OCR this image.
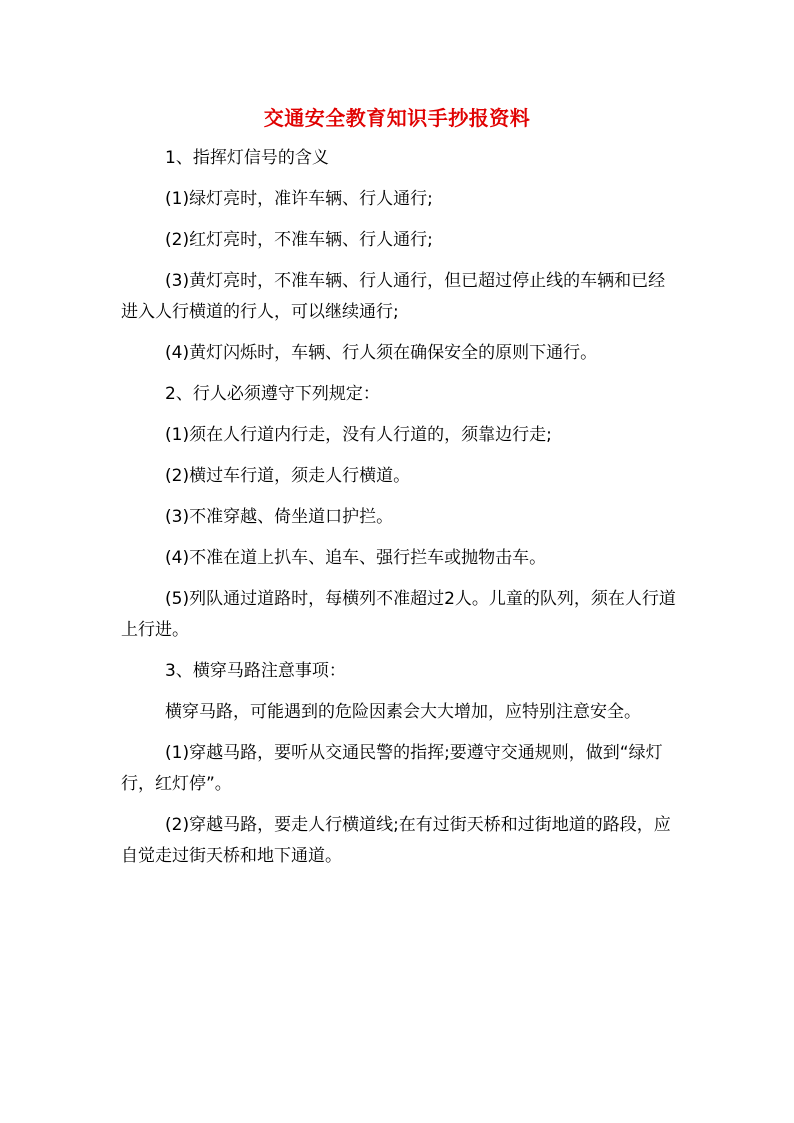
交通安全教育知识手抄报资料

1、指挥灯信号的含义

(1)绿灯亮时，准许车辆、行人通行;

(2)红灯亮时，不准车辆、行人通行;

(3)黄灯亮时，不准车辆、行人通行，但已超过停止线的车辆和已经进入人行横道的行人，可以继续通行;

(4)黄灯闪烁时，车辆、行人须在确保安全的原则下通行。

2、行人必须遵守下列规定：

(1)须在人行道内行走，没有人行道的，须靠边行走;

(2)横过车行道，须走人行横道。

(3)不准穿越、倚坐道口护拦。

(4)不准在道上扒车、追车、强行拦车或抛物击车。

(5)列队通过道路时，每横列不准超过2人。儿童的队列，须在人行道上行进。

3、横穿马路注意事项：

横穿马路，可能遇到的危险因素会大大增加，应特别注意安全。

(1)穿越马路，要听从交通民警的指挥;要遵守交通规则，做到“绿灯行，红灯停”。

(2)穿越马路，要走人行横道线;在有过街天桥和过街地道的路段，应自觉走过街天桥和地下通道。
